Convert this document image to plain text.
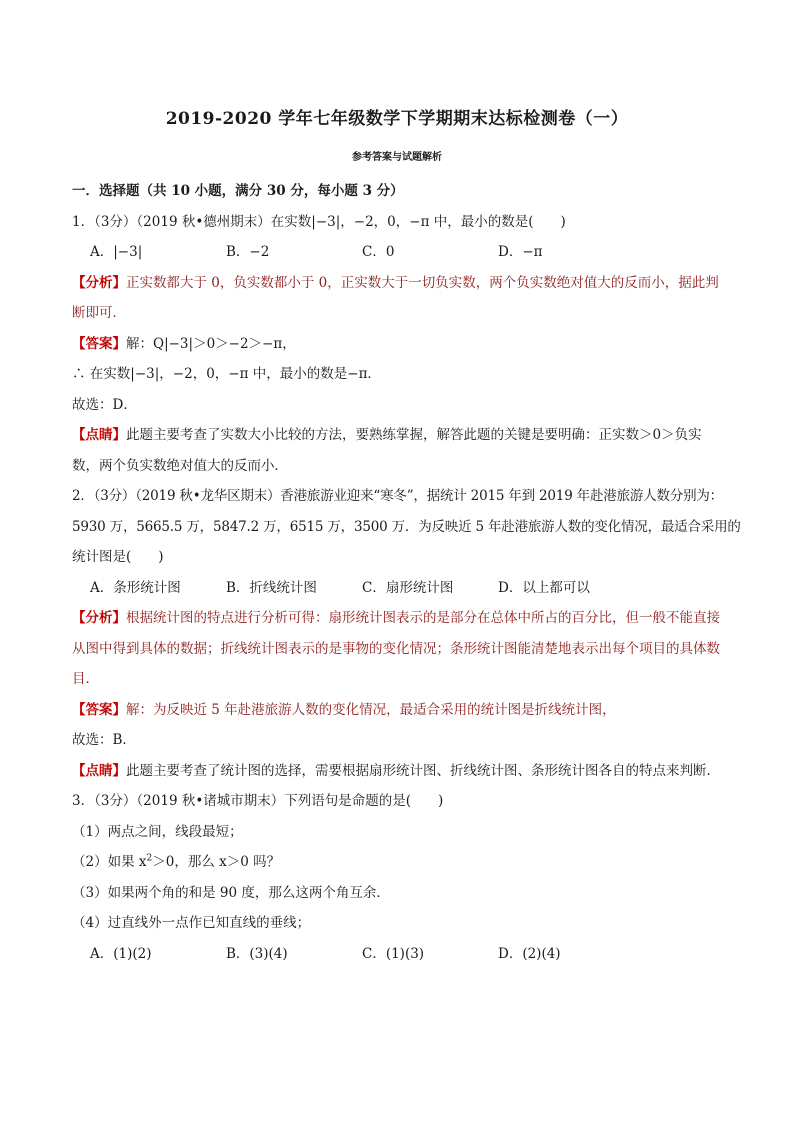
2019-2020 学年七年级数学下学期期末达标检测卷（一）
参考答案与试题解析
一．选择题（共 10 小题，满分 30 分，每小题 3 分）
1．（3分）（2019 秋•德州期末）在实数|−3|，−2，0，−π 中，最小的数是(　　)
A．|−3|	B．−2	C．0	D．−π
【分析】正实数都大于 0，负实数都小于 0，正实数大于一切负实数，两个负实数绝对值大的反而小，据此判断即可．
【答案】解：Q|−3|＞0＞−2＞−π，
∴ 在实数|−3|，−2，0，−π 中，最小的数是−π．
故选：D．
【点睛】此题主要考查了实数大小比较的方法，要熟练掌握，解答此题的关键是要明确：正实数＞0＞负实数，两个负实数绝对值大的反而小．
2．（3分）（2019 秋•龙华区期末）香港旅游业迎来“寒冬”，据统计 2015 年到 2019 年赴港旅游人数分别为：
5930 万，5665.5 万，5847.2 万，6515 万，3500 万．为反映近 5 年赴港旅游人数的变化情况，最适合采用的
统计图是(　　)
A．条形统计图	B．折线统计图	C．扇形统计图	D．以上都可以
【分析】根据统计图的特点进行分析可得：扇形统计图表示的是部分在总体中所占的百分比，但一般不能直接从图中得到具体的数据；折线统计图表示的是事物的变化情况；条形统计图能清楚地表示出每个项目的具体数目．
【答案】解：为反映近 5 年赴港旅游人数的变化情况，最适合采用的统计图是折线统计图，
故选：B．
【点睛】此题主要考查了统计图的选择，需要根据扇形统计图、折线统计图、条形统计图各自的特点来判断．
3．（3分）（2019 秋•诸城市期末）下列语句是命题的是(　　)
（1）两点之间，线段最短；
（2）如果 $x^2>0$，那么 x＞0 吗？
（3）如果两个角的和是 90 度，那么这两个角互余．
（4）过直线外一点作已知直线的垂线；
A．(1)(2)	B．(3)(4)	C．(1)(3)	D．(2)(4)
